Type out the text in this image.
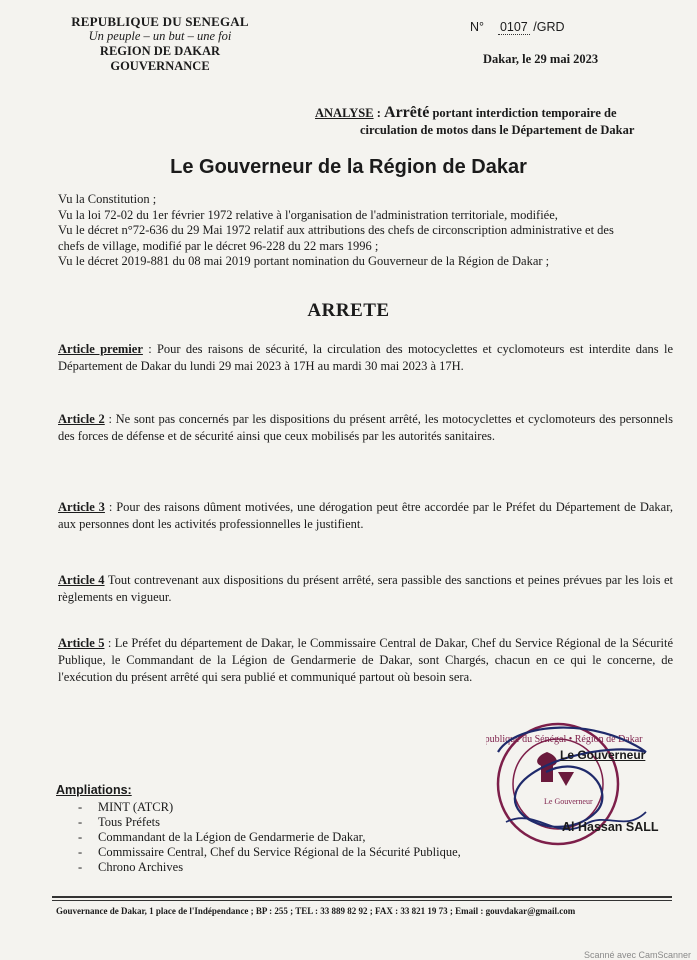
REPUBLIQUE DU SENEGAL
Un peuple – un but – une foi
REGION DE DAKAR
GOUVERNANCE
N° 0107 /GRD
Dakar, le 29 mai 2023
ANALYSE : Arrêté portant interdiction temporaire de
circulation de motos dans le Département de Dakar
Le Gouverneur de la Région de Dakar
Vu la Constitution ;
Vu la loi 72-02 du 1er février 1972 relative à l'organisation de l'administration territoriale, modifiée,
Vu le décret n°72-636 du 29 Mai 1972 relatif aux attributions des chefs de circonscription administrative et des
chefs de village, modifié par le décret 96-228 du 22 mars 1996 ;
Vu le décret 2019-881 du 08 mai 2019 portant nomination du Gouverneur de la Région de Dakar ;
ARRETE
Article premier : Pour des raisons de sécurité, la circulation des motocyclettes et cyclomoteurs est interdite dans le Département de Dakar du lundi 29 mai 2023 à 17H au mardi 30 mai 2023 à 17H.
Article 2 : Ne sont pas concernés par les dispositions du présent arrêté, les motocyclettes et cyclomoteurs des personnels des forces de défense et de sécurité ainsi que ceux mobilisés par les autorités sanitaires.
Article 3 : Pour des raisons dûment motivées, une dérogation peut être accordée par le Préfet du Département de Dakar, aux personnes dont les activités professionnelles le justifient.
Article 4 Tout contrevenant aux dispositions du présent arrêté, sera passible des sanctions et peines prévues par les lois et règlements en vigueur.
Article 5 : Le Préfet du département de Dakar, le Commissaire Central de Dakar, Chef du Service Régional de la Sécurité Publique, le Commandant de la Légion de Gendarmerie de Dakar, sont Chargés, chacun en ce qui le concerne, de l'exécution du présent arrêté qui sera publié et communiqué partout où besoin sera.
République du Sénégal • Région de Dakar
Le Gouverneur
Le Gouverneur
Al Hassan SALL
Ampliations:
-	MINT (ATCR)
-	Tous Préfets
-	Commandant de la Légion de Gendarmerie de Dakar,
-	Commissaire Central, Chef du Service Régional de la Sécurité Publique,
-	Chrono Archives
Gouvernance de Dakar, 1 place de l'Indépendance ; BP : 255 ; TEL : 33 889 82 92 ; FAX : 33 821 19 73 ; Email : gouvdakar@gmail.com
Scanné avec CamScanner
